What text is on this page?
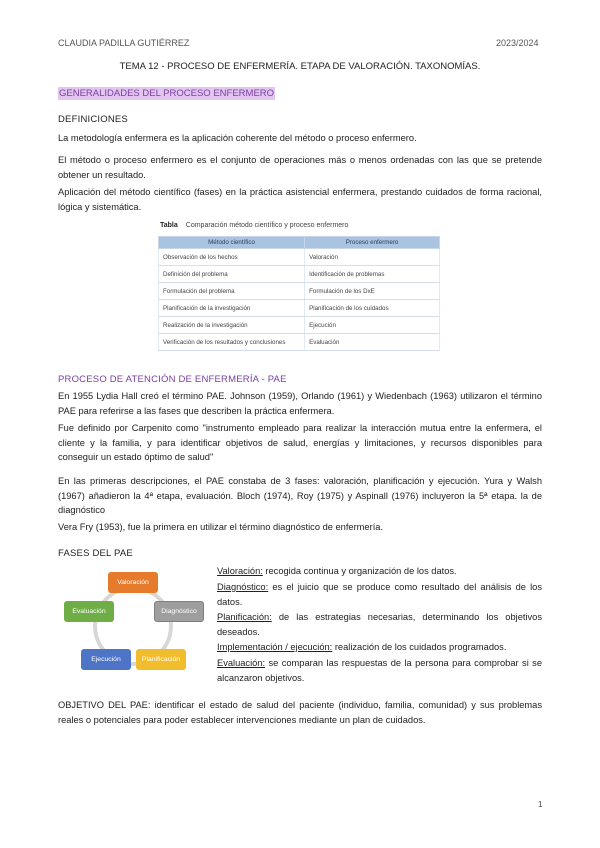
CLAUDIA PADILLA GUTIÉRREZ	2023/2024
TEMA 12 - PROCESO DE ENFERMERÍA. ETAPA DE VALORACIÓN. TAXONOMÍAS.
GENERALIDADES DEL PROCESO ENFERMERO
DEFINICIONES
La metodología enfermera es la aplicación coherente del método o proceso enfermero.
El método o proceso enfermero es el conjunto de operaciones más o menos ordenadas con las que se pretende obtener un resultado.
Aplicación del método científico (fases) en la práctica asistencial enfermera, prestando cuidados de forma racional, lógica y sistemática.
Tabla Comparación método científico y proceso enfermero
Método científico	Proceso enfermero
Observación de los hechos	Valoración
Definición del problema	Identificación de problemas
Formulación del problema	Formulación de los DxE
Planificación de la investigación	Planificación de los cuidados
Realización de la investigación	Ejecución
Verificación de los resultados y conclusiones	Evaluación
PROCESO DE ATENCIÓN DE ENFERMERÍA - PAE
En 1955 Lydia Hall creó el término PAE. Johnson (1959), Orlando (1961) y Wiedenbach (1963) utilizaron el término PAE para referirse a las fases que describen la práctica enfermera.
Fue definido por Carpenito como "instrumento empleado para realizar la interacción mutua entre la enfermera, el cliente y la familia, y para identificar objetivos de salud, energías y limitaciones, y recursos disponibles para conseguir un estado óptimo de salud"
En las primeras descripciones, el PAE constaba de 3 fases: valoración, planificación y ejecución. Yura y Walsh (1967) añadieron la 4ª etapa, evaluación. Bloch (1974), Roy (1975) y Aspinall (1976) incluyeron la 5ª etapa. la de diagnóstico
Vera Fry (1953), fue la primera en utilizar el término diagnóstico de enfermería.
FASES DEL PAE
Valoración
Diagnóstico
Planificación
Ejecución
Evaluación
Valoración: recogida continua y organización de los datos.
Diagnóstico: es el juicio que se produce como resultado del análisis de los datos.
Planificación: de las estrategias necesarias, determinando los objetivos deseados.
Implementación / ejecución: realización de los cuidados programados.
Evaluación: se comparan las respuestas de la persona para comprobar si se alcanzaron objetivos.
OBJETIVO DEL PAE: identificar el estado de salud del paciente (individuo, familia, comunidad) y sus problemas reales o potenciales para poder establecer intervenciones mediante un plan de cuidados.
1
